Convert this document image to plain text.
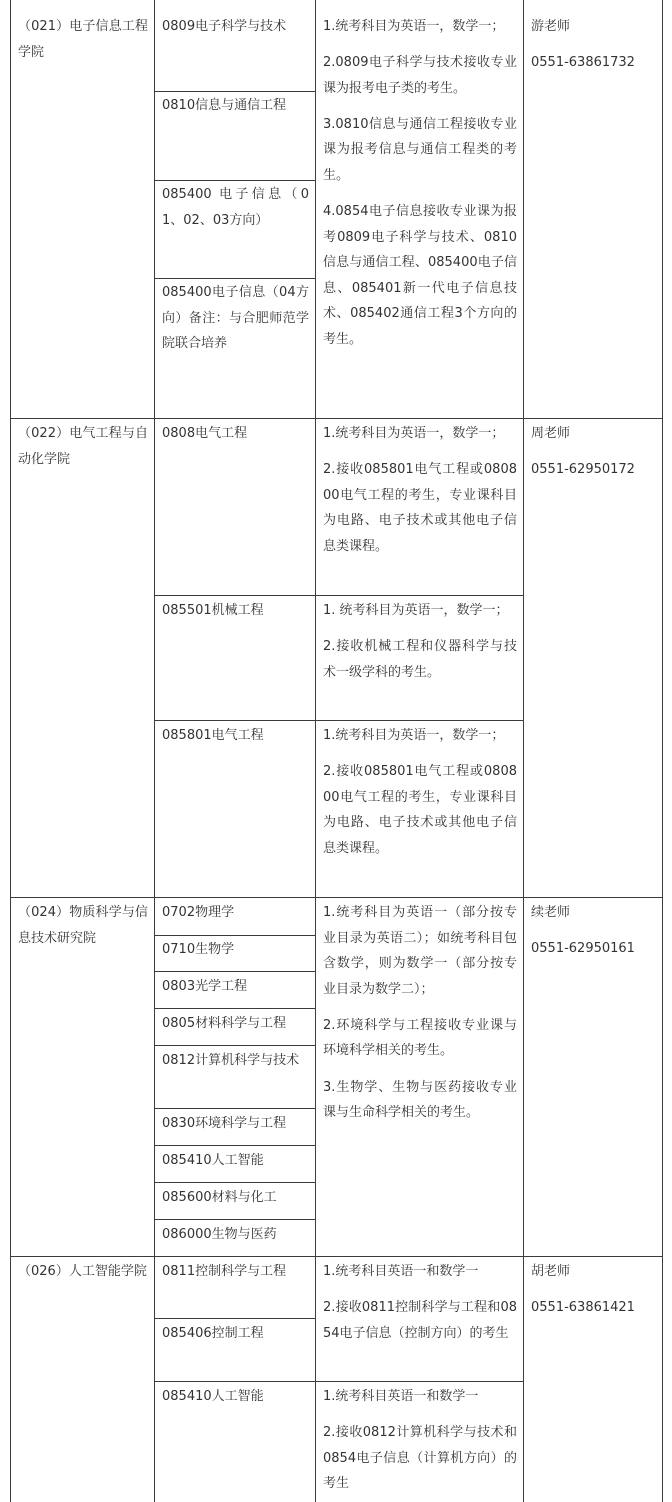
（021）电子信息工程学院
0809电子科学与技术
0810信息与通信工程
085400 电子信息（01、02、03方向）
085400电子信息（04方向）备注：与合肥师范学院联合培养

1.统考科目为英语一，数学一；

2.0809电子科学与技术接收专业课为报考电子类的考生。

3.0810信息与通信工程接收专业课为报考信息与通信工程类的考生。

4.0854电子信息接收专业课为报考0809电子科学与技术、0810信息与通信工程、085400电子信息、085401新一代电子信息技术、085402通信工程3个方向的考生。

游老师

0551-63861732

（022）电气工程与自动化学院
0808电气工程
085501机械工程
085801电气工程

1.统考科目为英语一，数学一；

2.接收085801电气工程或080800电气工程的考生，专业课科目为电路、电子技术或其他电子信息类课程。

1. 统考科目为英语一，数学一；

2.接收机械工程和仪器科学与技术一级学科的考生。

1.统考科目为英语一，数学一；

2.接收085801电气工程或080800电气工程的考生，专业课科目为电路、电子技术或其他电子信息类课程。

周老师

0551-62950172

（024）物质科学与信息技术研究院
0702物理学
0710生物学
0803光学工程
0805材料科学与工程
0812计算机科学与技术
0830环境科学与工程
085410人工智能
085600材料与化工
086000生物与医药

1.统考科目为英语一（部分按专业目录为英语二）；如统考科目包含数学，则为数学一（部分按专业目录为数学二）；

2.环境科学与工程接收专业课与环境科学相关的考生。

3.生物学、生物与医药接收专业课与生命科学相关的考生。

续老师

0551-62950161

（026）人工智能学院	0811控制科学与工程
085406控制工程
085410人工智能

1.统考科目英语一和数学一

2.接收0811控制科学与工程和0854电子信息（控制方向）的考生

1.统考科目英语一和数学一

2.接收0812计算机科学与技术和0854电子信息（计算机方向）的考生

胡老师

0551-63861421
